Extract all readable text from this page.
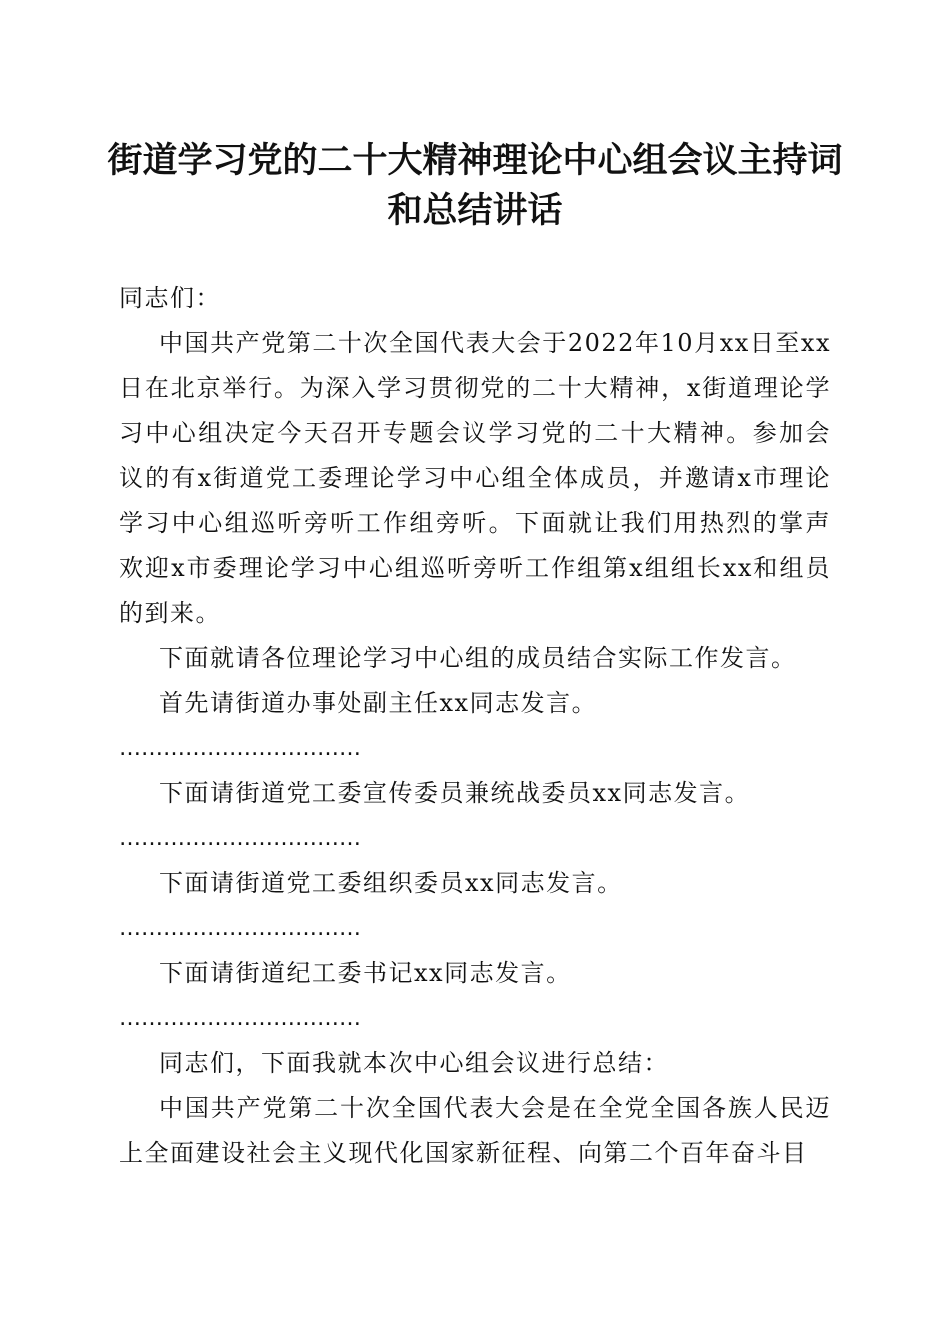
街道学习党的二十大精神理论中心组会议主持词和总结讲话

同志们：

中国共产党第二十次全国代表大会于2022年10月xx日至xx日在北京举行。为深入学习贯彻党的二十大精神，x街道理论学习中心组决定今天召开专题会议学习党的二十大精神。参加会议的有x街道党工委理论学习中心组全体成员，并邀请x市理论学习中心组巡听旁听工作组旁听。下面就让我们用热烈的掌声欢迎x市委理论学习中心组巡听旁听工作组第x组组长xx和组员的到来。

下面就请各位理论学习中心组的成员结合实际工作发言。

首先请街道办事处副主任xx同志发言。

……………………………

下面请街道党工委宣传委员兼统战委员xx同志发言。

……………………………

下面请街道党工委组织委员xx同志发言。

……………………………

下面请街道纪工委书记xx同志发言。

……………………………

同志们，下面我就本次中心组会议进行总结：

中国共产党第二十次全国代表大会是在全党全国各族人民迈上全面建设社会主义现代化国家新征程、向第二个百年奋斗目
